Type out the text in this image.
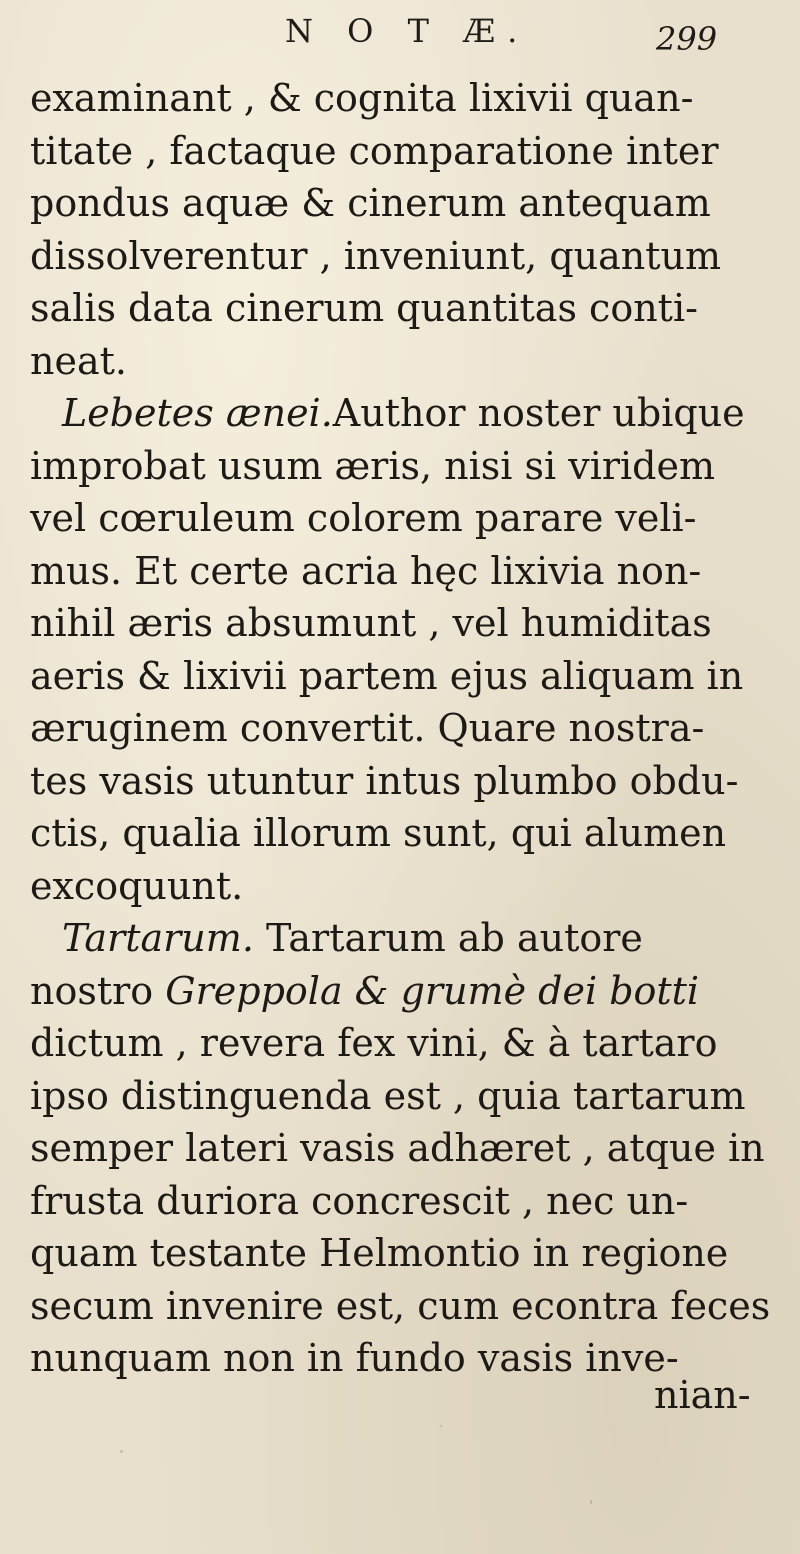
N O T Æ.	299
examinant , & cognita lixivii quan-
titate , factaque comparatione inter
pondus aquæ & cinerum antequam
dissolverentur , inveniunt, quantum
salis data cinerum quantitas conti-
neat.
Lebetes ænei.Author noster ubique
improbat usum æris, nisi si viridem
vel cœruleum colorem parare veli-
mus. Et certe acria hęc lixivia non-
nihil æris absumunt , vel humiditas
aeris & lixivii partem ejus aliquam in
æruginem convertit. Quare nostra-
tes vasis utuntur intus plumbo obdu-
ctis, qualia illorum sunt, qui alumen
excoquunt.
Tartarum. Tartarum ab autore
nostro Greppola & grumè dei botti
dictum , revera fex vini, & à tartaro
ipso distinguenda est , quia tartarum
semper lateri vasis adhæret , atque in
frusta duriora concrescit , nec un-
quam testante Helmontio in regione
secum invenire est, cum econtra feces
nunquam non in fundo vasis inve-
nian-
